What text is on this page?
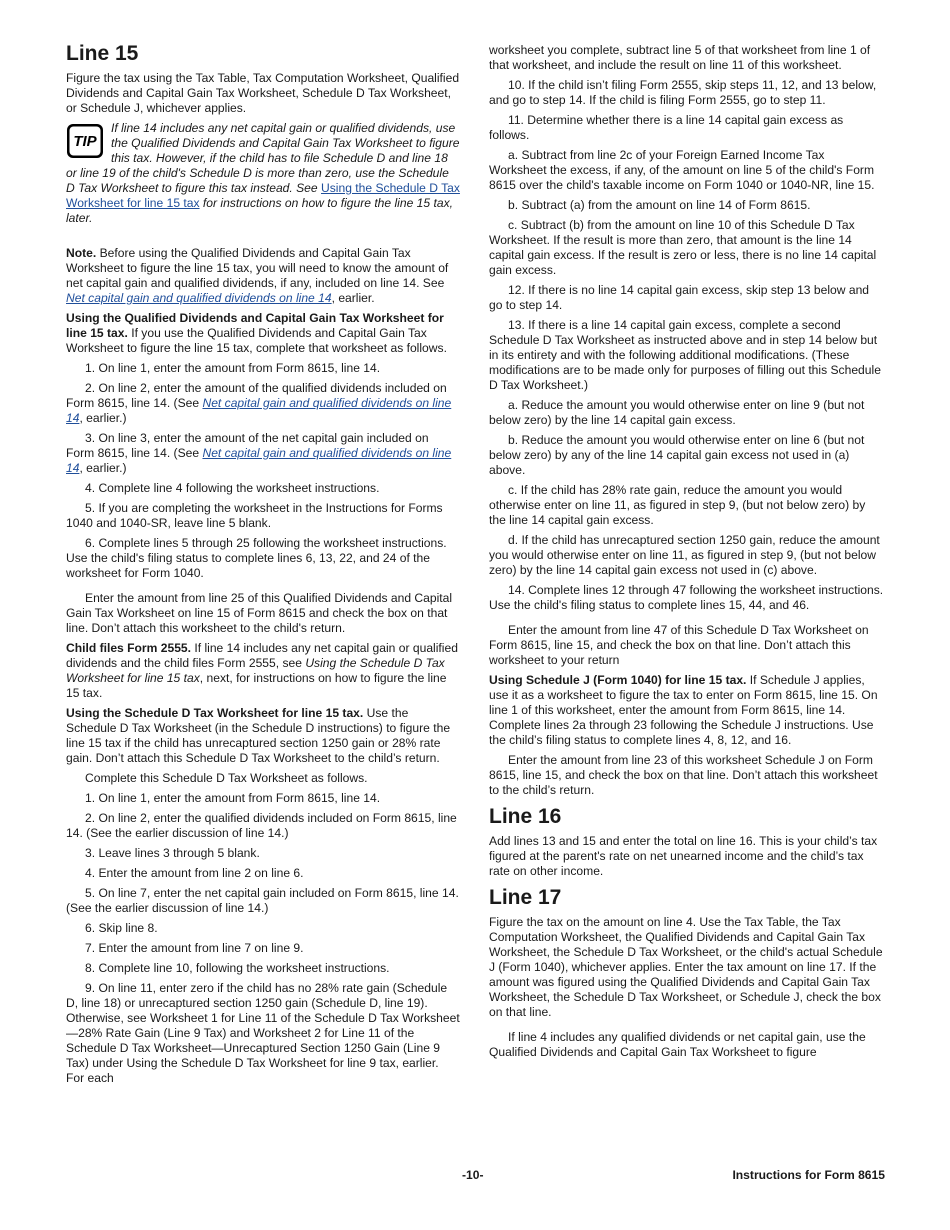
Line 15

Figure the tax using the Tax Table, Tax Computation Worksheet, Qualified Dividends and Capital Gain Tax Worksheet, Schedule D Tax Worksheet, or Schedule J, whichever applies.

TIP
If line 14 includes any net capital gain or qualified dividends, use the Qualified Dividends and Capital Gain Tax Worksheet to figure this tax. However, if the child has to file Schedule D and line 18 or line 19 of the child's Schedule D is more than zero, use the Schedule D Tax Worksheet to figure this tax instead. See Using the Schedule D Tax Worksheet for line 15 tax for instructions on how to figure the line 15 tax, later.

Note. Before using the Qualified Dividends and Capital Gain Tax Worksheet to figure the line 15 tax, you will need to know the amount of net capital gain and qualified dividends, if any, included on line 14. See Net capital gain and qualified dividends on line 14, earlier.

Using the Qualified Dividends and Capital Gain Tax Worksheet for line 15 tax. If you use the Qualified Dividends and Capital Gain Tax Worksheet to figure the line 15 tax, complete that worksheet as follows.

1. On line 1, enter the amount from Form 8615, line 14.

2. On line 2, enter the amount of the qualified dividends included on Form 8615, line 14. (See Net capital gain and qualified dividends on line 14, earlier.)

3. On line 3, enter the amount of the net capital gain included on Form 8615, line 14. (See Net capital gain and qualified dividends on line 14, earlier.)

4. Complete line 4 following the worksheet instructions.

5. If you are completing the worksheet in the Instructions for Forms 1040 and 1040-SR, leave line 5 blank.

6. Complete lines 5 through 25 following the worksheet instructions. Use the child's filing status to complete lines 6, 13, 22, and 24 of the worksheet for Form 1040.

Enter the amount from line 25 of this Qualified Dividends and Capital Gain Tax Worksheet on line 15 of Form 8615 and check the box on that line. Don’t attach this worksheet to the child's return.

Child files Form 2555. If line 14 includes any net capital gain or qualified dividends and the child files Form 2555, see Using the Schedule D Tax Worksheet for line 15 tax, next, for instructions on how to figure the line 15 tax.

Using the Schedule D Tax Worksheet for line 15 tax. Use the Schedule D Tax Worksheet (in the Schedule D instructions) to figure the line 15 tax if the child has unrecaptured section 1250 gain or 28% rate gain. Don’t attach this Schedule D Tax Worksheet to the child’s return.

Complete this Schedule D Tax Worksheet as follows.

1. On line 1, enter the amount from Form 8615, line 14.

2. On line 2, enter the qualified dividends included on Form 8615, line 14. (See the earlier discussion of line 14.)

3. Leave lines 3 through 5 blank.

4. Enter the amount from line 2 on line 6.

5. On line 7, enter the net capital gain included on Form 8615, line 14. (See the earlier discussion of line 14.)

6. Skip line 8.

7. Enter the amount from line 7 on line 9.

8. Complete line 10, following the worksheet instructions.

9. On line 11, enter zero if the child has no 28% rate gain (Schedule D, line 18) or unrecaptured section 1250 gain (Schedule D, line 19). Otherwise, see Worksheet 1 for Line 11 of the Schedule D Tax Worksheet—28% Rate Gain (Line 9 Tax) and Worksheet 2 for Line 11 of the Schedule D Tax Worksheet—Unrecaptured Section 1250 Gain (Line 9 Tax) under Using the Schedule D Tax Worksheet for line 9 tax, earlier. For each

worksheet you complete, subtract line 5 of that worksheet from line 1 of that worksheet, and include the result on line 11 of this worksheet.

10. If the child isn’t filing Form 2555, skip steps 11, 12, and 13 below, and go to step 14. If the child is filing Form 2555, go to step 11.

11. Determine whether there is a line 14 capital gain excess as follows.

a. Subtract from line 2c of your Foreign Earned Income Tax Worksheet the excess, if any, of the amount on line 5 of the child's Form 8615 over the child's taxable income on Form 1040 or 1040-NR, line 15.

b. Subtract (a) from the amount on line 14 of Form 8615.

c. Subtract (b) from the amount on line 10 of this Schedule D Tax Worksheet. If the result is more than zero, that amount is the line 14 capital gain excess. If the result is zero or less, there is no line 14 capital gain excess.

12. If there is no line 14 capital gain excess, skip step 13 below and go to step 14.

13. If there is a line 14 capital gain excess, complete a second Schedule D Tax Worksheet as instructed above and in step 14 below but in its entirety and with the following additional modifications. (These modifications are to be made only for purposes of filling out this Schedule D Tax Worksheet.)

a. Reduce the amount you would otherwise enter on line 9 (but not below zero) by the line 14 capital gain excess.

b. Reduce the amount you would otherwise enter on line 6 (but not below zero) by any of the line 14 capital gain excess not used in (a) above.

c. If the child has 28% rate gain, reduce the amount you would otherwise enter on line 11, as figured in step 9, (but not below zero) by the line 14 capital gain excess.

d. If the child has unrecaptured section 1250 gain, reduce the amount you would otherwise enter on line 11, as figured in step 9, (but not below zero) by the line 14 capital gain excess not used in (c) above.

14. Complete lines 12 through 47 following the worksheet instructions. Use the child's filing status to complete lines 15, 44, and 46.

Enter the amount from line 47 of this Schedule D Tax Worksheet on Form 8615, line 15, and check the box on that line. Don’t attach this worksheet to your return

Using Schedule J (Form 1040) for line 15 tax. If Schedule J applies, use it as a worksheet to figure the tax to enter on Form 8615, line 15. On line 1 of this worksheet, enter the amount from Form 8615, line 14. Complete lines 2a through 23 following the Schedule J instructions. Use the child’s filing status to complete lines 4, 8, 12, and 16.

Enter the amount from line 23 of this worksheet Schedule J on Form 8615, line 15, and check the box on that line. Don’t attach this worksheet to the child’s return.

Line 16

Add lines 13 and 15 and enter the total on line 16. This is your child’s tax figured at the parent's rate on net unearned income and the child’s tax rate on other income.

Line 17

Figure the tax on the amount on line 4. Use the Tax Table, the Tax Computation Worksheet, the Qualified Dividends and Capital Gain Tax Worksheet, the Schedule D Tax Worksheet, or the child's actual Schedule J (Form 1040), whichever applies. Enter the tax amount on line 17. If the amount was figured using the Qualified Dividends and Capital Gain Tax Worksheet, the Schedule D Tax Worksheet, or Schedule J, check the box on that line.

If line 4 includes any qualified dividends or net capital gain, use the Qualified Dividends and Capital Gain Tax Worksheet to figure

-10-	Instructions for Form 8615
